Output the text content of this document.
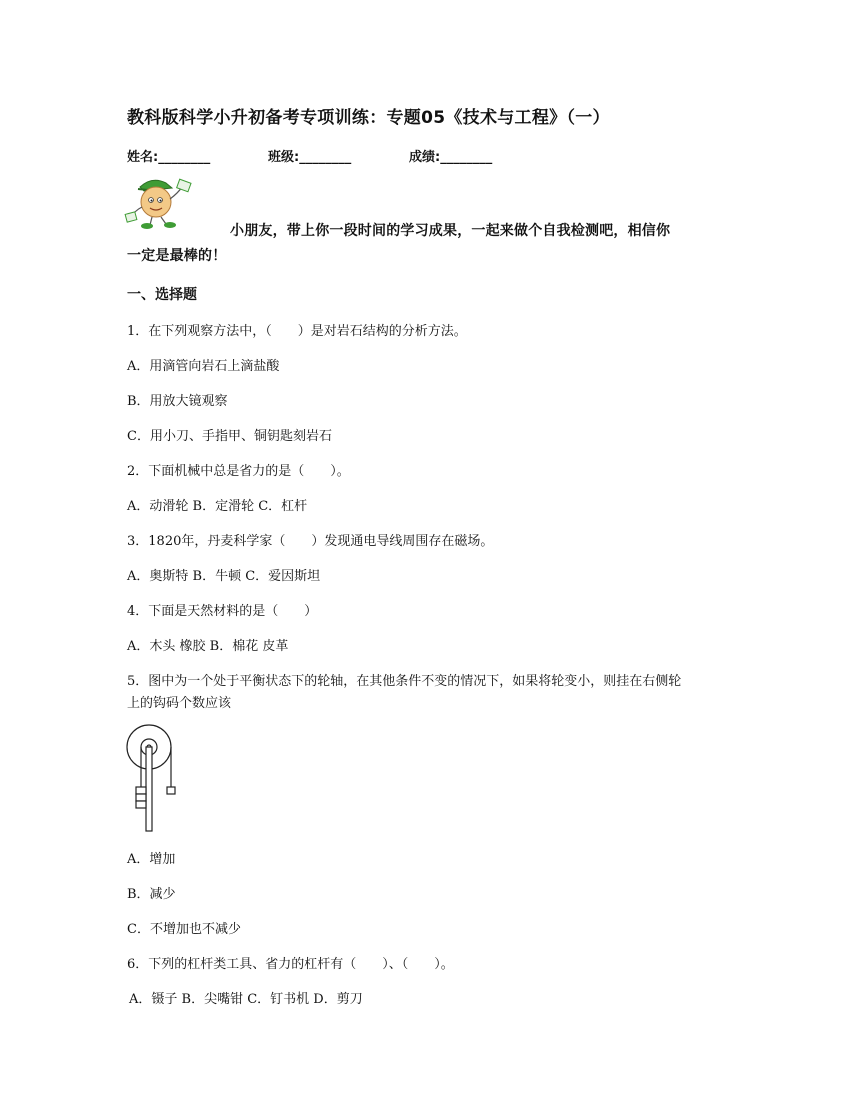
教科版科学小升初备考专项训练：专题05《技术与工程》（一）
姓名:________	班级:________	成绩:________
小朋友，带上你一段时间的学习成果，一起来做个自我检测吧，相信你
一定是最棒的！
一、选择题
1．在下列观察方法中，（　　）是对岩石结构的分析方法。
A．用滴管向岩石上滴盐酸
B．用放大镜观察
C．用小刀、手指甲、铜钥匙刻岩石
2．下面机械中总是省力的是（　　）。
A．动滑轮 B．定滑轮 C．杠杆
3．1820年，丹麦科学家（　　）发现通电导线周围存在磁场。
A．奥斯特 B．牛顿 C．爱因斯坦
4．下面是天然材料的是（　　）
A．木头 橡胶 B．棉花 皮革
5．图中为一个处于平衡状态下的轮轴，在其他条件不变的情况下，如果将轮变小，则挂在右侧轮
上的钩码个数应该
A．增加
B．减少
C．不增加也不减少
6．下列的杠杆类工具、省力的杠杆有（　　）、（　　）。
A．镊子 B．尖嘴钳 C．钉书机 D．剪刀
